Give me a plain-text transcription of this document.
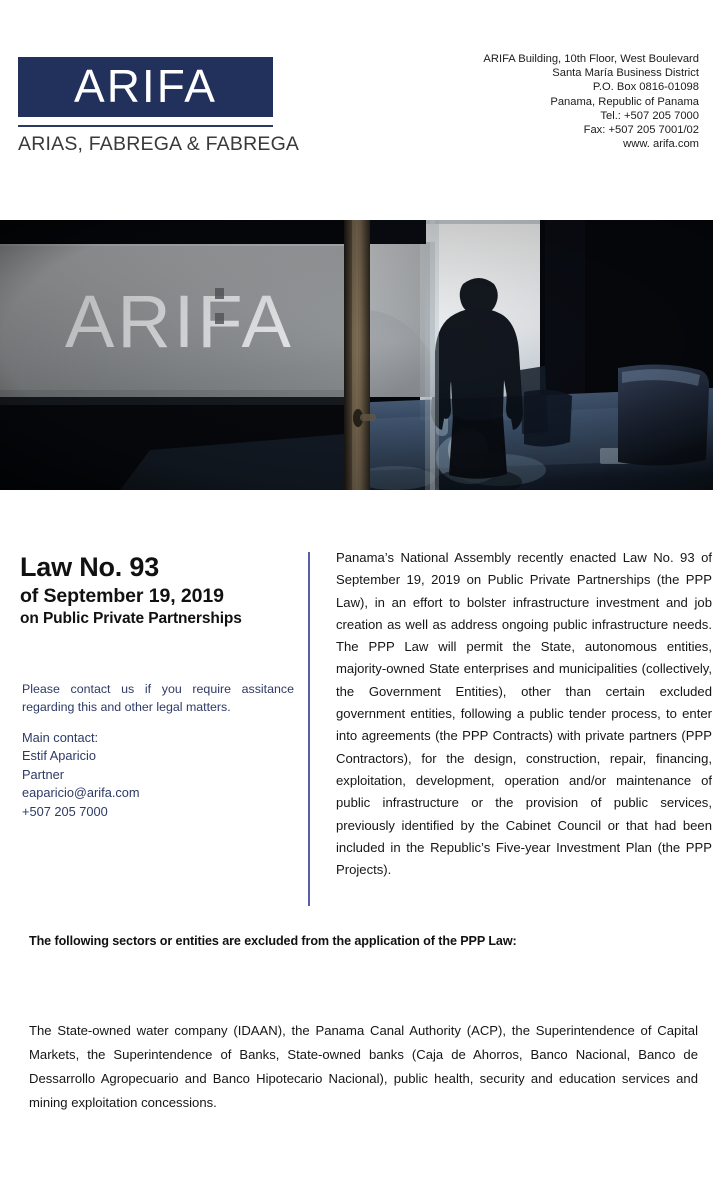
ARIFA
ARIAS, FABREGA & FABREGA
ARIFA Building, 10th Floor, West Boulevard
Santa María Business District
P.O. Box 0816-01098
Panama, Republic of Panama
Tel.: +507 205 7000
Fax: +507 205 7001/02
www. arifa.com
Law No. 93
of September 19, 2019
on Public Private Partnerships
Please contact us if you require assitance regarding this and other legal matters.
Main contact:
Estif Aparicio
Partner
eaparicio@arifa.com
+507 205 7000
Panama’s National Assembly recently enacted Law No. 93 of September 19, 2019 on Public Private Partnerships (the PPP Law), in an effort to bolster infrastructure investment and job creation as well as address ongoing public infrastructure needs. The PPP Law will permit the State, autonomous entities, majority-owned State enterprises and municipalities (collectively, the Government Entities), other than certain excluded government entities, following a public tender process, to enter into agreements (the PPP Contracts) with private partners (PPP Contractors), for the design, construction, repair, financing, exploitation, development, operation and/or maintenance of public infrastructure or the provision of public services, previously identified by the Cabinet Council or that had been included in the Republic’s Five-year Investment Plan (the PPP Projects).
The following sectors or entities are excluded from the application of the PPP Law:
The State-owned water company (IDAAN), the Panama Canal Authority (ACP), the Superintendence of Capital Markets, the Superintendence of Banks, State-owned banks (Caja de Ahorros, Banco Nacional, Banco de Dessarrollo Agropecuario and Banco Hipotecario Nacional), public health, security and education services and mining exploitation concessions.
